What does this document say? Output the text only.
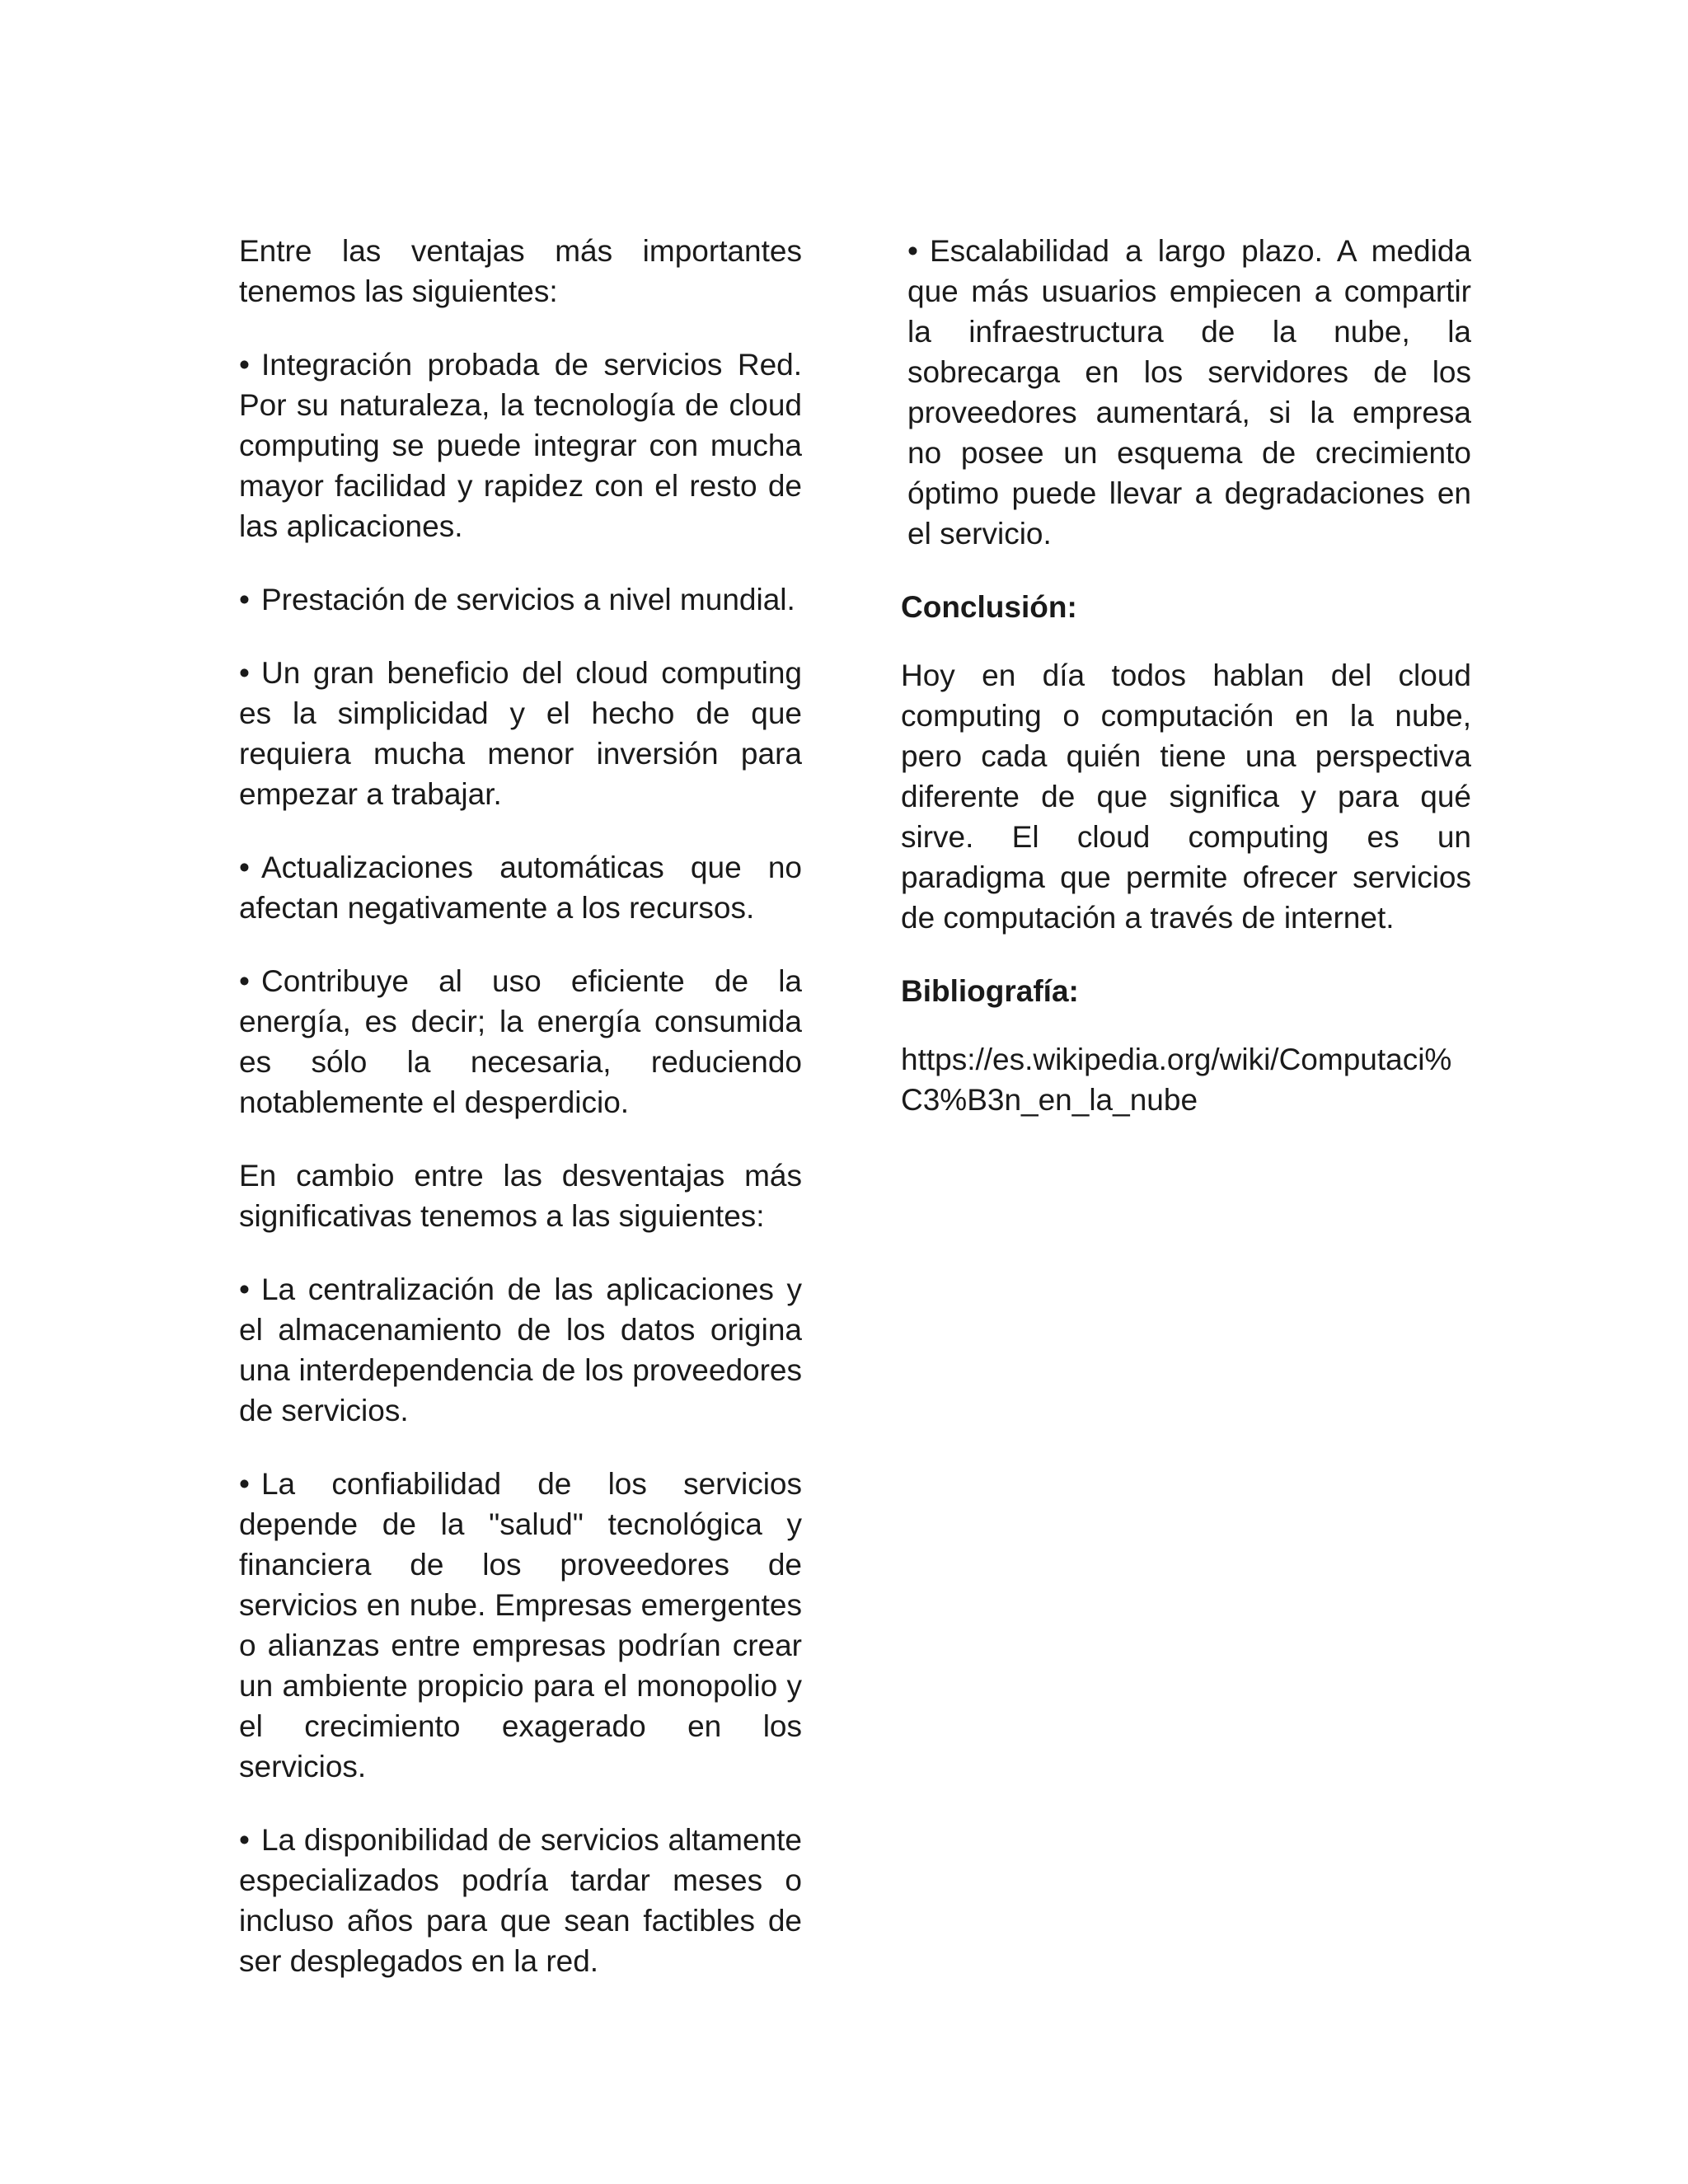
Entre las ventajas más importantes tenemos las siguientes:

• Integración probada de servicios Red. Por su naturaleza, la tecnología de cloud computing se puede integrar con mucha mayor facilidad y rapidez con el resto de las aplicaciones.
• Prestación de servicios a nivel mundial.
• Un gran beneficio del cloud computing es la simplicidad y el hecho de que requiera mucha menor inversión para empezar a trabajar.
• Actualizaciones automáticas que no afectan negativamente a los recursos.
• Contribuye al uso eficiente de la energía, es decir; la energía consumida es sólo la necesaria, reduciendo notablemente el desperdicio.

En cambio entre las desventajas más significativas tenemos a las siguientes:

• La centralización de las aplicaciones y el almacenamiento de los datos origina una interdependencia de los proveedores de servicios.
• La confiabilidad de los servicios depende de la "salud" tecnológica y financiera de los proveedores de servicios en nube. Empresas emergentes o alianzas entre empresas podrían crear un ambiente propicio para el monopolio y el crecimiento exagerado en los servicios.
• La disponibilidad de servicios altamente especializados podría tardar meses o incluso años para que sean factibles de ser desplegados en la red.
• Escalabilidad a largo plazo. A medida que más usuarios empiecen a compartir la infraestructura de la nube, la sobrecarga en los servidores de los proveedores aumentará, si la empresa no posee un esquema de crecimiento óptimo puede llevar a degradaciones en el servicio.

Conclusión:

Hoy en día todos hablan del cloud computing o computación en la nube, pero cada quién tiene una perspectiva diferente de que significa y para qué sirve. El cloud computing es un paradigma que permite ofrecer servicios de computación a través de internet.

Bibliografía:

https://es.wikipedia.org/wiki/Computaci%C3%B3n_en_la_nube
